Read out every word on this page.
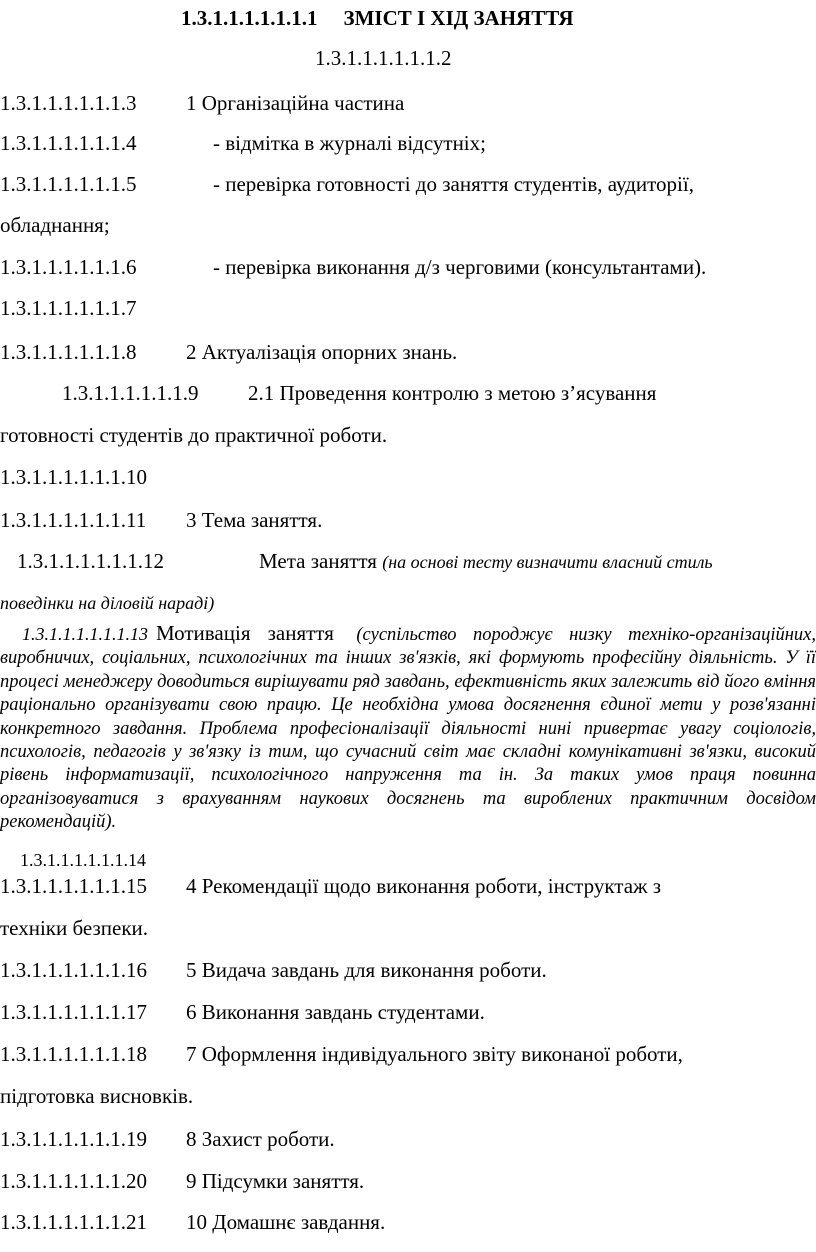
1.3.1.1.1.1.1.1.1 ЗМІСТ І ХІД ЗАНЯТТЯ
1.3.1.1.1.1.1.1.2
1.3.1.1.1.1.1.1.3 1 Організаційна частина
1.3.1.1.1.1.1.1.4	- відмітка в журналі відсутніх;
1.3.1.1.1.1.1.1.5	- перевірка готовності до заняття студентів, аудиторії,
обладнання;
1.3.1.1.1.1.1.1.6	- перевірка виконання д/з черговими (консультантами).
1.3.1.1.1.1.1.1.7
1.3.1.1.1.1.1.1.8 2 Актуалізація опорних знань.
1.3.1.1.1.1.1.1.9 2.1 Проведення контролю з метою з’ясування
готовності студентів до практичної роботи.
1.3.1.1.1.1.1.1.10
1.3.1.1.1.1.1.1.11 3 Тема заняття.
1.3.1.1.1.1.1.1.12	Мета заняття (на основі тесту визначити власний стиль
поведінки на діловій нараді)
1.3.1.1.1.1.1.1.13 Мотивація заняття (суспільство породжує низку техніко-організаційних, виробничих, соціальних, психологічних та інших зв'язків, які формують професійну діяльність. У її процесі менеджеру доводиться вирішувати ряд завдань, ефективність яких залежить від його вміння раціонально організувати свою працю. Це необхідна умова досягнення єдиної мети у розв'язанні конкретного завдання. Проблема професіоналізації діяльності нині привертає увагу соціологів, психологів, педагогів у зв'язку із тим, що сучасний світ має складні комунікативні зв'язки, високий рівень інформатизації, психологічного напруження та ін. За таких умов праця повинна організовуватися з врахуванням наукових досягнень та вироблених практичним досвідом рекомендацій).
1.3.1.1.1.1.1.1.14
1.3.1.1.1.1.1.1.15 4 Рекомендації щодо виконання роботи, інструктаж з
техніки безпеки.
1.3.1.1.1.1.1.1.16 5 Видача завдань для виконання роботи.
1.3.1.1.1.1.1.1.17 6 Виконання завдань студентами.
1.3.1.1.1.1.1.1.18 7 Оформлення індивідуального звіту виконаної роботи,
підготовка висновків.
1.3.1.1.1.1.1.1.19 8 Захист роботи.
1.3.1.1.1.1.1.1.20 9 Підсумки заняття.
1.3.1.1.1.1.1.1.21 10 Домашнє завдання.
